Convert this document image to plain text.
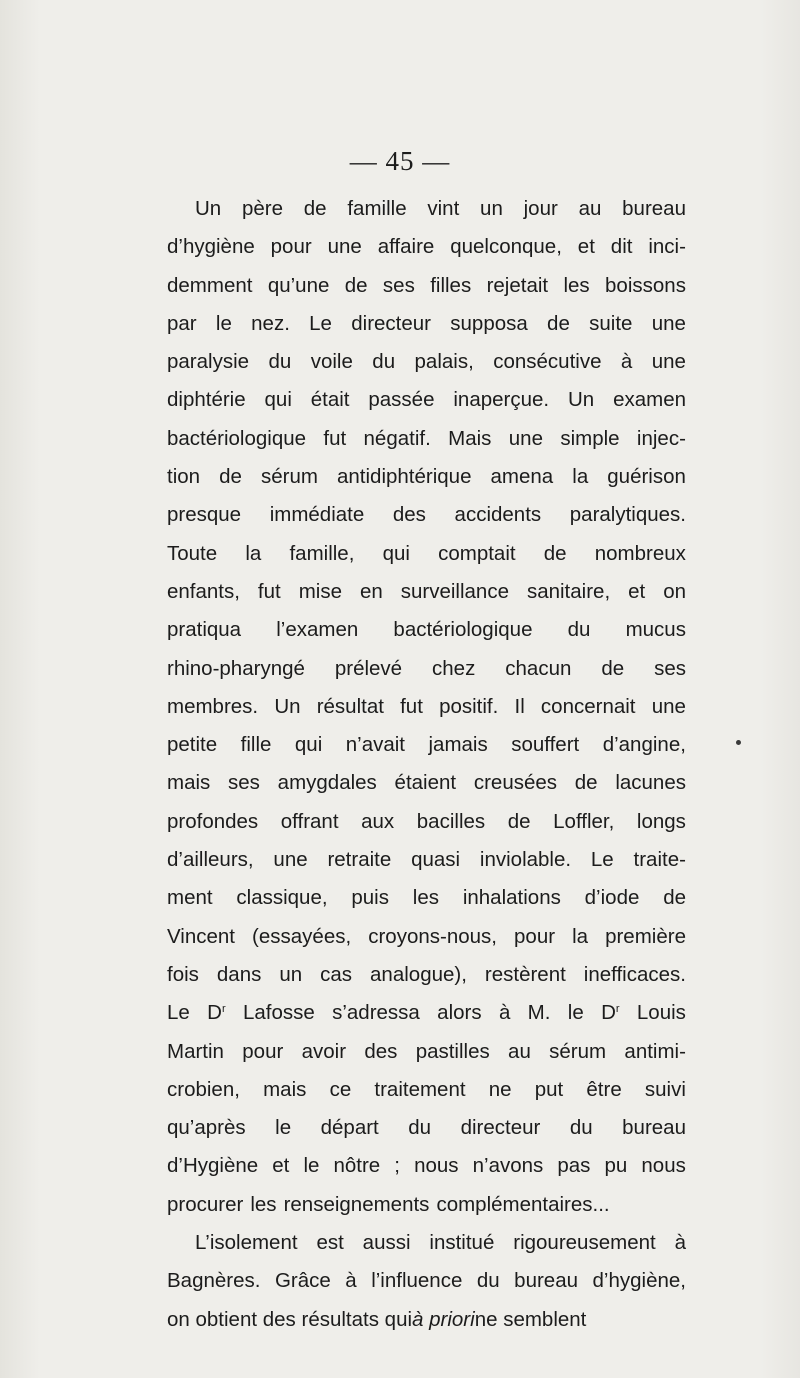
— 45 —
Un père de famille vint un jour au bureau
d’hygiène pour une affaire quelconque, et dit inci-
demment qu’une de ses filles rejetait les boissons
par le nez. Le directeur supposa de suite une
paralysie du voile du palais, consécutive à une
diphtérie qui était passée inaperçue. Un examen
bactériologique fut négatif. Mais une simple injec-
tion de sérum antidiphtérique amena la guérison
presque immédiate des accidents paralytiques.
Toute la famille, qui comptait de nombreux
enfants, fut mise en surveillance sanitaire, et on
pratiqua l’examen bactériologique du mucus
rhino-pharyngé prélevé chez chacun de ses
membres. Un résultat fut positif. Il concernait une
petite fille qui n’avait jamais souffert d’angine,
mais ses amygdales étaient creusées de lacunes
profondes offrant aux bacilles de Loffler, longs
d’ailleurs, une retraite quasi inviolable. Le traite-
ment classique, puis les inhalations d’iode de
Vincent (essayées, croyons-nous, pour la première
fois dans un cas analogue), restèrent inefficaces.
Le $D^r$ Lafosse s’adressa alors à M. le $D^r$ Louis
Martin pour avoir des pastilles au sérum antimi-
crobien, mais ce traitement ne put être suivi
qu’après le départ du directeur du bureau
d’Hygiène et le nôtre ; nous n’avons pas pu nous
procurer les renseignements complémentaires...
L’isolement est aussi institué rigoureusement à
Bagnères. Grâce à l’influence du bureau d’hygiène,
on obtient des résultats qui à priori ne semblent
